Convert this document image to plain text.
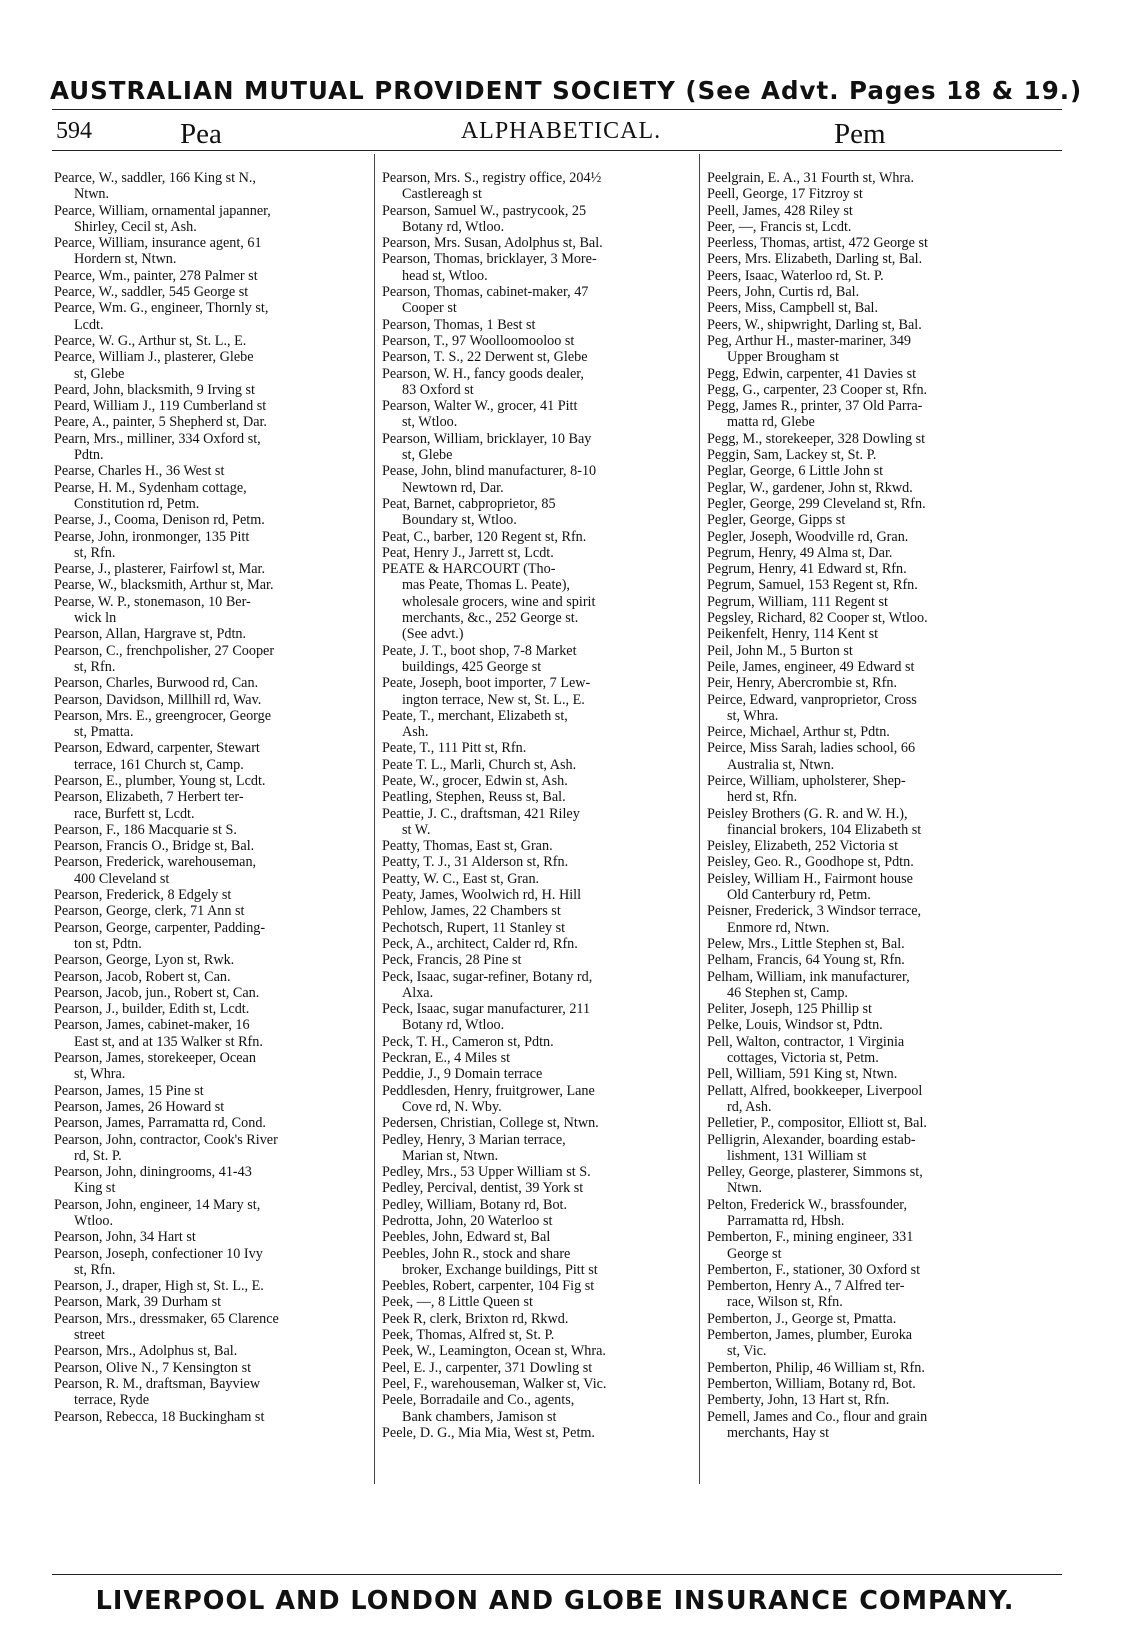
AUSTRALIAN MUTUAL PROVIDENT SOCIETY (See Advt. Pages 18 & 19.)
594	Pea	ALPHABETICAL.	Pem
Pearce, W., saddler, 166 King st N.,
Ntwn.
Pearce, William, ornamental japanner,
Shirley, Cecil st, Ash.
Pearce, William, insurance agent, 61
Hordern st, Ntwn.
Pearce, Wm., painter, 278 Palmer st
Pearce, W., saddler, 545 George st
Pearce, Wm. G., engineer, Thornly st,
Lcdt.
Pearce, W. G., Arthur st, St. L., E.
Pearce, William J., plasterer, Glebe
st, Glebe
Peard, John, blacksmith, 9 Irving st
Peard, William J., 119 Cumberland st
Peare, A., painter, 5 Shepherd st, Dar.
Pearn, Mrs., milliner, 334 Oxford st,
Pdtn.
Pearse, Charles H., 36 West st
Pearse, H. M., Sydenham cottage,
Constitution rd, Petm.
Pearse, J., Cooma, Denison rd, Petm.
Pearse, John, ironmonger, 135 Pitt
st, Rfn.
Pearse, J., plasterer, Fairfowl st, Mar.
Pearse, W., blacksmith, Arthur st, Mar.
Pearse, W. P., stonemason, 10 Ber-
wick ln
Pearson, Allan, Hargrave st, Pdtn.
Pearson, C., frenchpolisher, 27 Cooper
st, Rfn.
Pearson, Charles, Burwood rd, Can.
Pearson, Davidson, Millhill rd, Wav.
Pearson, Mrs. E., greengrocer, George
st, Pmatta.
Pearson, Edward, carpenter, Stewart
terrace, 161 Church st, Camp.
Pearson, E., plumber, Young st, Lcdt.
Pearson, Elizabeth, 7 Herbert ter-
race, Burfett st, Lcdt.
Pearson, F., 186 Macquarie st S.
Pearson, Francis O., Bridge st, Bal.
Pearson, Frederick, warehouseman,
400 Cleveland st
Pearson, Frederick, 8 Edgely st
Pearson, George, clerk, 71 Ann st
Pearson, George, carpenter, Padding-
ton st, Pdtn.
Pearson, George, Lyon st, Rwk.
Pearson, Jacob, Robert st, Can.
Pearson, Jacob, jun., Robert st, Can.
Pearson, J., builder, Edith st, Lcdt.
Pearson, James, cabinet-maker, 16
East st, and at 135 Walker st Rfn.
Pearson, James, storekeeper, Ocean
st, Whra.
Pearson, James, 15 Pine st
Pearson, James, 26 Howard st
Pearson, James, Parramatta rd, Cond.
Pearson, John, contractor, Cook's River
rd, St. P.
Pearson, John, diningrooms, 41-43
King st
Pearson, John, engineer, 14 Mary st,
Wtloo.
Pearson, John, 34 Hart st
Pearson, Joseph, confectioner 10 Ivy
st, Rfn.
Pearson, J., draper, High st, St. L., E.
Pearson, Mark, 39 Durham st
Pearson, Mrs., dressmaker, 65 Clarence
street
Pearson, Mrs., Adolphus st, Bal.
Pearson, Olive N., 7 Kensington st
Pearson, R. M., draftsman, Bayview
terrace, Ryde
Pearson, Rebecca, 18 Buckingham st
Pearson, Mrs. S., registry office, 204½
Castlereagh st
Pearson, Samuel W., pastrycook, 25
Botany rd, Wtloo.
Pearson, Mrs. Susan, Adolphus st, Bal.
Pearson, Thomas, bricklayer, 3 More-
head st, Wtloo.
Pearson, Thomas, cabinet-maker, 47
Cooper st
Pearson, Thomas, 1 Best st
Pearson, T., 97 Woolloomooloo st
Pearson, T. S., 22 Derwent st, Glebe
Pearson, W. H., fancy goods dealer,
83 Oxford st
Pearson, Walter W., grocer, 41 Pitt
st, Wtloo.
Pearson, William, bricklayer, 10 Bay
st, Glebe
Pease, John, blind manufacturer, 8-10
Newtown rd, Dar.
Peat, Barnet, cabproprietor, 85
Boundary st, Wtloo.
Peat, C., barber, 120 Regent st, Rfn.
Peat, Henry J., Jarrett st, Lcdt.
PEATE & HARCOURT (Tho-
mas Peate, Thomas L. Peate),
wholesale grocers, wine and spirit
merchants, &c., 252 George st.
(See advt.)
Peate, J. T., boot shop, 7-8 Market
buildings, 425 George st
Peate, Joseph, boot importer, 7 Lew-
ington terrace, New st, St. L., E.
Peate, T., merchant, Elizabeth st,
Ash.
Peate, T., 111 Pitt st, Rfn.
Peate T. L., Marli, Church st, Ash.
Peate, W., grocer, Edwin st, Ash.
Peatling, Stephen, Reuss st, Bal.
Peattie, J. C., draftsman, 421 Riley
st W.
Peatty, Thomas, East st, Gran.
Peatty, T. J., 31 Alderson st, Rfn.
Peatty, W. C., East st, Gran.
Peaty, James, Woolwich rd, H. Hill
Pehlow, James, 22 Chambers st
Pechotsch, Rupert, 11 Stanley st
Peck, A., architect, Calder rd, Rfn.
Peck, Francis, 28 Pine st
Peck, Isaac, sugar-refiner, Botany rd,
Alxa.
Peck, Isaac, sugar manufacturer, 211
Botany rd, Wtloo.
Peck, T. H., Cameron st, Pdtn.
Peckran, E., 4 Miles st
Peddie, J., 9 Domain terrace
Peddlesden, Henry, fruitgrower, Lane
Cove rd, N. Wby.
Pedersen, Christian, College st, Ntwn.
Pedley, Henry, 3 Marian terrace,
Marian st, Ntwn.
Pedley, Mrs., 53 Upper William st S.
Pedley, Percival, dentist, 39 York st
Pedley, William, Botany rd, Bot.
Pedrotta, John, 20 Waterloo st
Peebles, John, Edward st, Bal
Peebles, John R., stock and share
broker, Exchange buildings, Pitt st
Peebles, Robert, carpenter, 104 Fig st
Peek, —, 8 Little Queen st
Peek R, clerk, Brixton rd, Rkwd.
Peek, Thomas, Alfred st, St. P.
Peek, W., Leamington, Ocean st, Whra.
Peel, E. J., carpenter, 371 Dowling st
Peel, F., warehouseman, Walker st, Vic.
Peele, Borradaile and Co., agents,
Bank chambers, Jamison st
Peele, D. G., Mia Mia, West st, Petm.
Peelgrain, E. A., 31 Fourth st, Whra.
Peell, George, 17 Fitzroy st
Peell, James, 428 Riley st
Peer, —, Francis st, Lcdt.
Peerless, Thomas, artist, 472 George st
Peers, Mrs. Elizabeth, Darling st, Bal.
Peers, Isaac, Waterloo rd, St. P.
Peers, John, Curtis rd, Bal.
Peers, Miss, Campbell st, Bal.
Peers, W., shipwright, Darling st, Bal.
Peg, Arthur H., master-mariner, 349
Upper Brougham st
Pegg, Edwin, carpenter, 41 Davies st
Pegg, G., carpenter, 23 Cooper st, Rfn.
Pegg, James R., printer, 37 Old Parra-
matta rd, Glebe
Pegg, M., storekeeper, 328 Dowling st
Peggin, Sam, Lackey st, St. P.
Peglar, George, 6 Little John st
Peglar, W., gardener, John st, Rkwd.
Pegler, George, 299 Cleveland st, Rfn.
Pegler, George, Gipps st
Pegler, Joseph, Woodville rd, Gran.
Pegrum, Henry, 49 Alma st, Dar.
Pegrum, Henry, 41 Edward st, Rfn.
Pegrum, Samuel, 153 Regent st, Rfn.
Pegrum, William, 111 Regent st
Pegsley, Richard, 82 Cooper st, Wtloo.
Peikenfelt, Henry, 114 Kent st
Peil, John M., 5 Burton st
Peile, James, engineer, 49 Edward st
Peir, Henry, Abercrombie st, Rfn.
Peirce, Edward, vanproprietor, Cross
st, Whra.
Peirce, Michael, Arthur st, Pdtn.
Peirce, Miss Sarah, ladies school, 66
Australia st, Ntwn.
Peirce, William, upholsterer, Shep-
herd st, Rfn.
Peisley Brothers (G. R. and W. H.),
financial brokers, 104 Elizabeth st
Peisley, Elizabeth, 252 Victoria st
Peisley, Geo. R., Goodhope st, Pdtn.
Peisley, William H., Fairmont house
Old Canterbury rd, Petm.
Peisner, Frederick, 3 Windsor terrace,
Enmore rd, Ntwn.
Pelew, Mrs., Little Stephen st, Bal.
Pelham, Francis, 64 Young st, Rfn.
Pelham, William, ink manufacturer,
46 Stephen st, Camp.
Peliter, Joseph, 125 Phillip st
Pelke, Louis, Windsor st, Pdtn.
Pell, Walton, contractor, 1 Virginia
cottages, Victoria st, Petm.
Pell, William, 591 King st, Ntwn.
Pellatt, Alfred, bookkeeper, Liverpool
rd, Ash.
Pelletier, P., compositor, Elliott st, Bal.
Pelligrin, Alexander, boarding estab-
lishment, 131 William st
Pelley, George, plasterer, Simmons st,
Ntwn.
Pelton, Frederick W., brassfounder,
Parramatta rd, Hbsh.
Pemberton, F., mining engineer, 331
George st
Pemberton, F., stationer, 30 Oxford st
Pemberton, Henry A., 7 Alfred ter-
race, Wilson st, Rfn.
Pemberton, J., George st, Pmatta.
Pemberton, James, plumber, Euroka
st, Vic.
Pemberton, Philip, 46 William st, Rfn.
Pemberton, William, Botany rd, Bot.
Pemberty, John, 13 Hart st, Rfn.
Pemell, James and Co., flour and grain
merchants, Hay st
LIVERPOOL AND LONDON AND GLOBE INSURANCE COMPANY.
